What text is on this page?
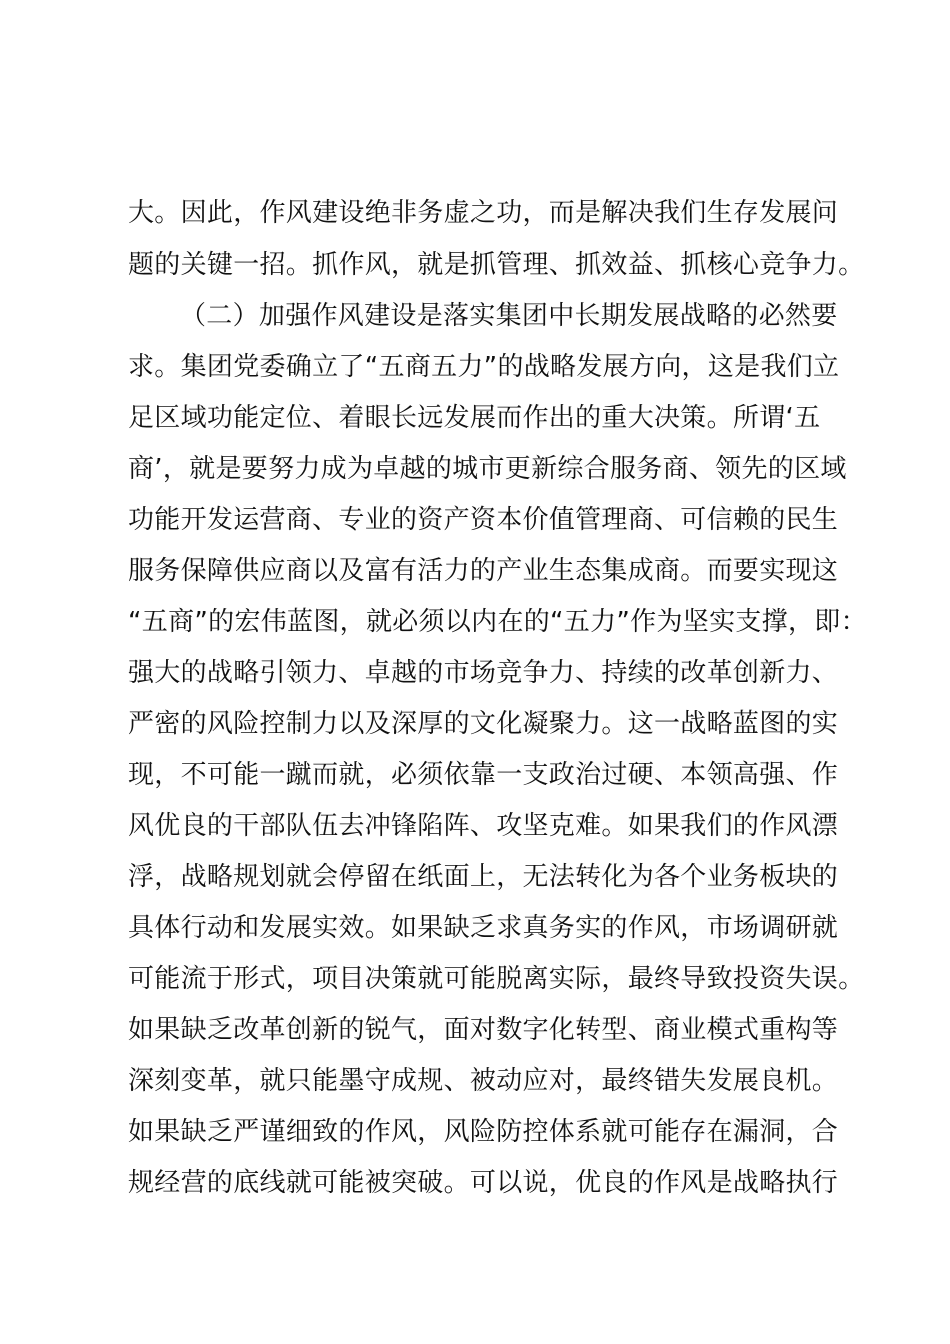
大。因此，作风建设绝非务虚之功，而是解决我们生存发展问
题的关键一招。抓作风，就是抓管理、抓效益、抓核心竞争力。
（二）加强作风建设是落实集团中长期发展战略的必然要
求。集团党委确立了“五商五力”的战略发展方向，这是我们立
足区域功能定位、着眼长远发展而作出的重大决策。所谓‘五
商’，就是要努力成为卓越的城市更新综合服务商、领先的区域
功能开发运营商、专业的资产资本价值管理商、可信赖的民生
服务保障供应商以及富有活力的产业生态集成商。而要实现这
“五商”的宏伟蓝图，就必须以内在的“五力”作为坚实支撑，即：
强大的战略引领力、卓越的市场竞争力、持续的改革创新力、
严密的风险控制力以及深厚的文化凝聚力。这一战略蓝图的实
现，不可能一蹴而就，必须依靠一支政治过硬、本领高强、作
风优良的干部队伍去冲锋陷阵、攻坚克难。如果我们的作风漂
浮，战略规划就会停留在纸面上，无法转化为各个业务板块的
具体行动和发展实效。如果缺乏求真务实的作风，市场调研就
可能流于形式，项目决策就可能脱离实际，最终导致投资失误。
如果缺乏改革创新的锐气，面对数字化转型、商业模式重构等
深刻变革，就只能墨守成规、被动应对，最终错失发展良机。
如果缺乏严谨细致的作风，风险防控体系就可能存在漏洞，合
规经营的底线就可能被突破。可以说，优良的作风是战略执行
